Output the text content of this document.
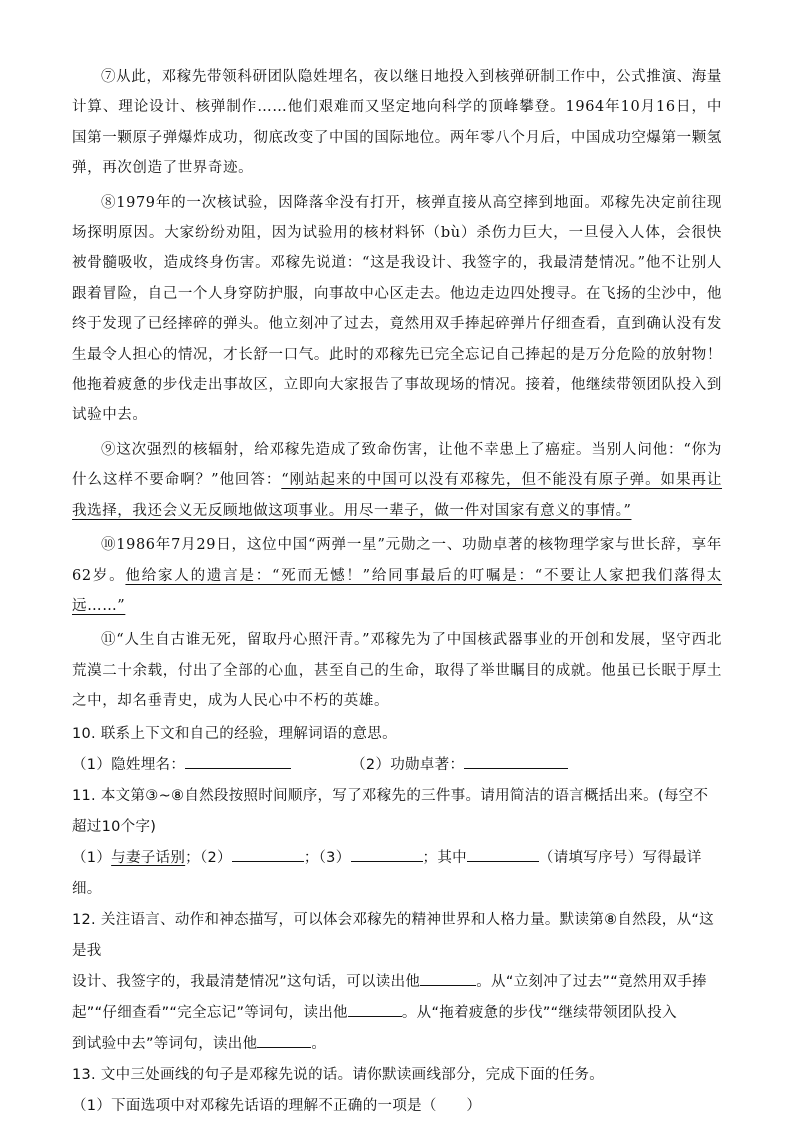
⑦从此，邓稼先带领科研团队隐姓埋名，夜以继日地投入到核弹研制工作中，公式推演、海量计算、理论设计、核弹制作……他们艰难而又坚定地向科学的顶峰攀登。1964年10月16日，中国第一颗原子弹爆炸成功，彻底改变了中国的国际地位。两年零八个月后，中国成功空爆第一颗氢弹，再次创造了世界奇迹。

⑧1979年的一次核试验，因降落伞没有打开，核弹直接从高空摔到地面。邓稼先决定前往现场探明原因。大家纷纷劝阻，因为试验用的核材料钚（bù）杀伤力巨大，一旦侵入人体，会很快被骨髓吸收，造成终身伤害。邓稼先说道：“这是我设计、我签字的，我最清楚情况。”他不让别人跟着冒险，自己一个人身穿防护服，向事故中心区走去。他边走边四处搜寻。在飞扬的尘沙中，他终于发现了已经摔碎的弹头。他立刻冲了过去，竟然用双手捧起碎弹片仔细查看，直到确认没有发生最令人担心的情况，才长舒一口气。此时的邓稼先已完全忘记自己捧起的是万分危险的放射物！他拖着疲惫的步伐走出事故区，立即向大家报告了事故现场的情况。接着，他继续带领团队投入到试验中去。

⑨这次强烈的核辐射，给邓稼先造成了致命伤害，让他不幸患上了癌症。当别人问他：“你为什么这样不要命啊？”他回答：“刚站起来的中国可以没有邓稼先，但不能没有原子弹。如果再让我选择，我还会义无反顾地做这项事业。用尽一辈子，做一件对国家有意义的事情。”

⑩1986年7月29日，这位中国“两弹一星”元勋之一、功勋卓著的核物理学家与世长辞，享年62岁。他给家人的遗言是：“死而无憾！”给同事最后的叮嘱是：“不要让人家把我们落得太远……”

⑪“人生自古谁无死，留取丹心照汗青。”邓稼先为了中国核武器事业的开创和发展，坚守西北荒漠二十余载，付出了全部的心血，甚至自己的生命，取得了举世瞩目的成就。他虽已长眠于厚土之中，却名垂青史，成为人民心中不朽的英雄。

10. 联系上下文和自己的经验，理解词语的意思。

（1）隐姓埋名：	（2）功勋卓著：

11. 本文第③~⑧自然段按照时间顺序，写了邓稼先的三件事。请用简洁的语言概括出来。(每空不超过10个字)

（1）与妻子话别；（2）	；（3）	；其中	（请填写序号）写得最详细。

12. 关注语言、动作和神态描写，可以体会邓稼先的精神世界和人格力量。默读第⑧自然段，从“这是我

设计、我签字的，我最清楚情况”这句话，可以读出他	。从“立刻冲了过去”“竟然用双手捧

起”“仔细查看”“完全忘记”等词句，读出他	。从“拖着疲惫的步伐”“继续带领团队投入

到试验中去”等词句，读出他	。

13. 文中三处画线的句子是邓稼先说的话。请你默读画线部分，完成下面的任务。

（1）下面选项中对邓稼先话语的理解不正确的一项是（　　）
